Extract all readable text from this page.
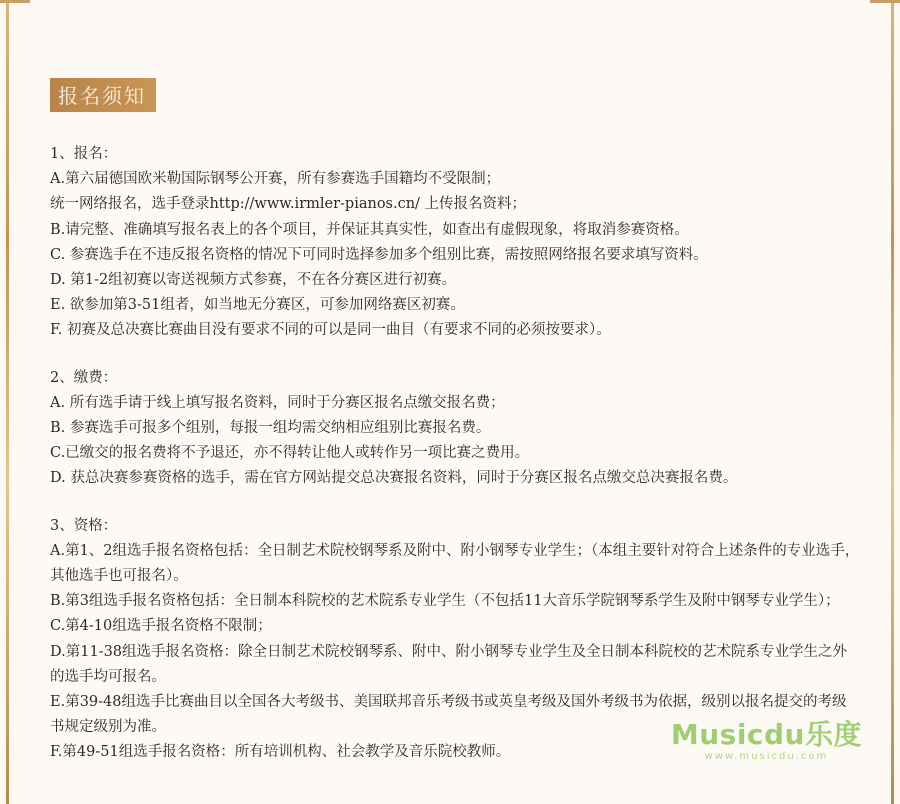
报名须知

1、报名：

A.第六届德国欧米勒国际钢琴公开赛，所有参赛选手国籍均不受限制；

统一网络报名，选手登录http://www.irmler-pianos.cn/ 上传报名资料；

B.请完整、准确填写报名表上的各个项目，并保证其真实性，如查出有虚假现象，将取消参赛资格。

C. 参赛选手在不违反报名资格的情况下可同时选择参加多个组别比赛，需按照网络报名要求填写资料。

D. 第1-2组初赛以寄送视频方式参赛，不在各分赛区进行初赛。

E. 欲参加第3-51组者，如当地无分赛区，可参加网络赛区初赛。

F. 初赛及总决赛比赛曲目没有要求不同的可以是同一曲目（有要求不同的必须按要求）。

2、缴费：

A. 所有选手请于线上填写报名资料，同时于分赛区报名点缴交报名费；

B. 参赛选手可报多个组别，每报一组均需交纳相应组别比赛报名费。

C.已缴交的报名费将不予退还，亦不得转让他人或转作另一项比赛之费用。

D. 获总决赛参赛资格的选手，需在官方网站提交总决赛报名资料，同时于分赛区报名点缴交总决赛报名费。

3、资格：

A.第1、2组选手报名资格包括：全日制艺术院校钢琴系及附中、附小钢琴专业学生；（本组主要针对符合上述条件的专业选手，其他选手也可报名）。

B.第3组选手报名资格包括：全日制本科院校的艺术院系专业学生（不包括11大音乐学院钢琴系学生及附中钢琴专业学生）；

C.第4-10组选手报名资格不限制；

D.第11-38组选手报名资格：除全日制艺术院校钢琴系、附中、附小钢琴专业学生及全日制本科院校的艺术院系专业学生之外的选手均可报名。

E.第39-48组选手比赛曲目以全国各大考级书、美国联邦音乐考级书或英皇考级及国外考级书为依据，级别以报名提交的考级书规定级别为准。

F.第49-51组选手报名资格：所有培训机构、社会教学及音乐院校教师。

Musicdu乐度
www.musicdu.com
